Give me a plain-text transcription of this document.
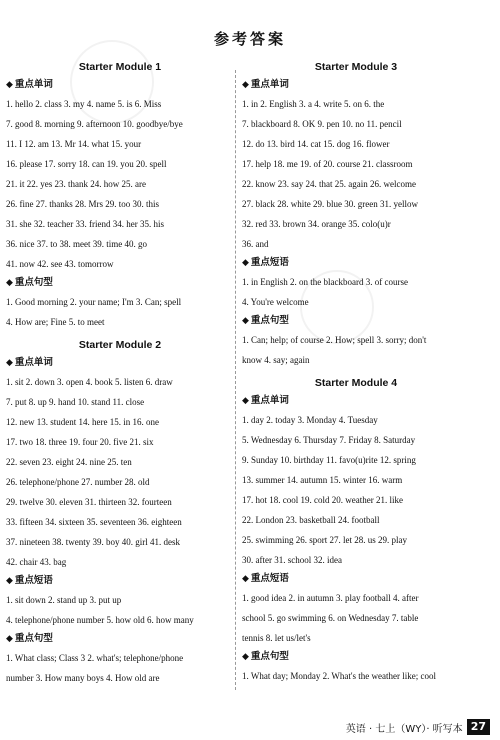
参考答案
Starter Module 1
◆ 重点单词
1. hello 2. class 3. my 4. name 5. is 6. Miss
7. good 8. morning 9. afternoon 10. goodbye/bye
11. I 12. am 13. Mr 14. what 15. your
16. please 17. sorry 18. can 19. you 20. spell
21. it 22. yes 23. thank 24. how 25. are
26. fine 27. thanks 28. Mrs 29. too 30. this
31. she 32. teacher 33. friend 34. her 35. his
36. nice 37. to 38. meet 39. time 40. go
41. now 42. see 43. tomorrow
◆ 重点句型
1. Good morning 2. your name; I'm 3. Can; spell
4. How are; Fine 5. to meet
Starter Module 2
◆ 重点单词
1. sit 2. down 3. open 4. book 5. listen 6. draw
7. put 8. up 9. hand 10. stand 11. close
12. new 13. student 14. here 15. in 16. one
17. two 18. three 19. four 20. five 21. six
22. seven 23. eight 24. nine 25. ten
26. telephone/phone 27. number 28. old
29. twelve 30. eleven 31. thirteen 32. fourteen
33. fifteen 34. sixteen 35. seventeen 36. eighteen
37. nineteen 38. twenty 39. boy 40. girl 41. desk
42. chair 43. bag
◆ 重点短语
1. sit down 2. stand up 3. put up
4. telephone/phone number 5. how old 6. how many
◆ 重点句型
1. What class; Class 3 2. what's; telephone/phone
number 3. How many boys 4. How old are
Starter Module 3
◆ 重点单词
1. in 2. English 3. a 4. write 5. on 6. the
7. blackboard 8. OK 9. pen 10. no 11. pencil
12. do 13. bird 14. cat 15. dog 16. flower
17. help 18. me 19. of 20. course 21. classroom
22. know 23. say 24. that 25. again 26. welcome
27. black 28. white 29. blue 30. green 31. yellow
32. red 33. brown 34. orange 35. colo(u)r
36. and
◆ 重点短语
1. in English 2. on the blackboard 3. of course
4. You're welcome
◆ 重点句型
1. Can; help; of course 2. How; spell 3. sorry; don't
know 4. say; again
Starter Module 4
◆ 重点单词
1. day 2. today 3. Monday 4. Tuesday
5. Wednesday 6. Thursday 7. Friday 8. Saturday
9. Sunday 10. birthday 11. favo(u)rite 12. spring
13. summer 14. autumn 15. winter 16. warm
17. hot 18. cool 19. cold 20. weather 21. like
22. London 23. basketball 24. football
25. swimming 26. sport 27. let 28. us 29. play
30. after 31. school 32. idea
◆ 重点短语
1. good idea 2. in autumn 3. play football 4. after
school 5. go swimming 6. on Wednesday 7. table
tennis 8. let us/let's
◆ 重点句型
1. What day; Monday 2. What's the weather like; cool
英语 · 七上（WY）· 听写本 27
